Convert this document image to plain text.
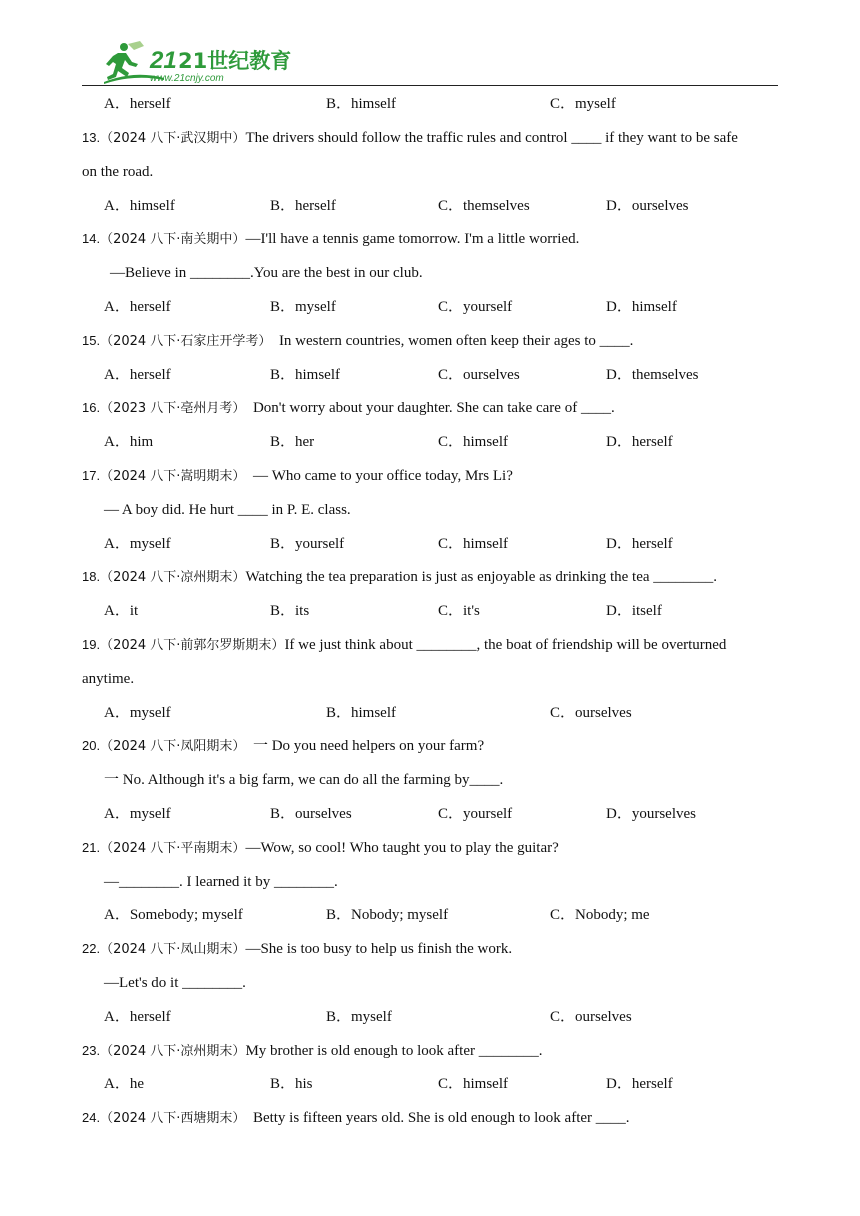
21 21世纪教育
www.21cnjy.com
A．herself	B．himself	C．myself
13.（2024 八下·武汉期中）The drivers should follow the traffic rules and control ____ if they want to be safe
on the road.
A．himself	B．herself	C．themselves	D．ourselves
14.（2024 八下·南关期中）—I'll have a tennis game tomorrow. I'm a little worried.
—Believe in ________.You are the best in our club.
A．herself	B．myself	C．yourself	D．himself
15.（2024 八下·石家庄开学考） In western countries, women often keep their ages to ____.
A．herself	B．himself	C．ourselves	D．themselves
16.（2023 八下·亳州月考） Don't worry about your daughter. She can take care of ____.
A．him	B．her	C．himself	D．herself
17.（2024 八下·嵩明期末） — Who came to your office today, Mrs Li?
— A boy did. He hurt ____ in P. E. class.
A．myself	B．yourself	C．himself	D．herself
18.（2024 八下·凉州期末）Watching the tea preparation is just as enjoyable as drinking the tea ________.
A．it	B．its	C．it's	D．itself
19.（2024 八下·前郭尔罗斯期末）If we just think about ________, the boat of friendship will be overturned
anytime.
A．myself	B．himself	C．ourselves
20.（2024 八下·凤阳期末） 一 Do you need helpers on your farm?
一 No. Although it's a big farm, we can do all the farming by____.
A．myself	B．ourselves	C．yourself	D．yourselves
21.（2024 八下·平南期末）—Wow, so cool! Who taught you to play the guitar?
—________. I learned it by ________.
A．Somebody; myself	B．Nobody; myself	C．Nobody; me
22.（2024 八下·凤山期末）—She is too busy to help us finish the work.
—Let's do it ________.
A．herself	B．myself	C．ourselves
23.（2024 八下·凉州期末）My brother is old enough to look after ________.
A．he	B．his	C．himself	D．herself
24.（2024 八下·西塘期末） Betty is fifteen years old. She is old enough to look after ____.
